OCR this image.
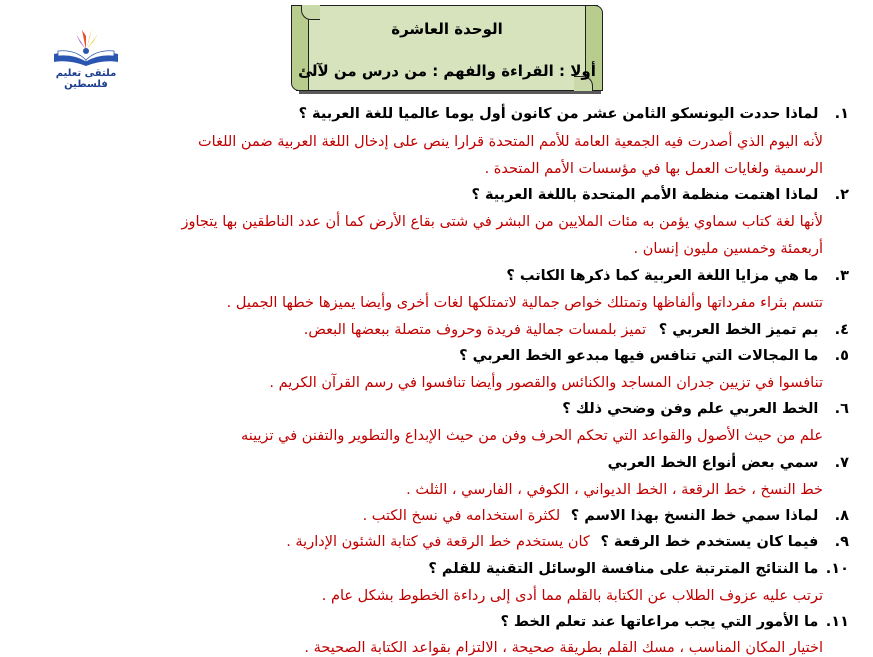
ملتقى تعليم فلسطين
الوحدة العاشرة
أولا : القراءة والفهم : من درس من لآلئ
١. لماذا حددت اليونسكو الثامن عشر من كانون أول يوما عالميا للغة العربية ؟
لأنه اليوم الذي أصدرت فيه الجمعية العامة للأمم المتحدة قرارا ينص على إدخال اللغة العربية ضمن اللغات
الرسمية ولغايات العمل بها في مؤسسات الأمم المتحدة .
٢. لماذا اهتمت منظمة الأمم المتحدة باللغة العربية ؟
لأنها لغة كتاب سماوي يؤمن به مئات الملايين من البشر في شتى بقاع الأرض كما أن عدد الناطقين بها يتجاوز
أربعمئة وخمسين مليون إنسان .
٣. ما هي مزايا اللغة العربية كما ذكرها الكاتب ؟
تتسم بثراء مفرداتها وألفاظها وتمتلك خواص جمالية لاتمتلكها لغات أخرى وأيضا يميزها خطها الجميل .
٤. بم تميز الخط العربي ؟ تميز بلمسات جمالية فريدة وحروف متصلة ببعضها البعض.
٥. ما المجالات التي تنافس فيها مبدعو الخط العربي ؟
تنافسوا في تزيين جدران المساجد والكنائس والقصور وأيضا تنافسوا في رسم القرآن الكريم .
٦. الخط العربي علم وفن وضحي ذلك ؟
علم من حيث الأصول والقواعد التي تحكم الحرف وفن من حيث الإبداع والتطوير والتفنن في تزيينه
٧. سمي بعض أنواع الخط العربي
خط النسخ ، خط الرقعة ، الخط الديواني ، الكوفي ، الفارسي ، الثلث .
٨. لماذا سمي خط النسخ بهذا الاسم ؟ لكثرة استخدامه في نسخ الكتب .
٩. فيما كان يستخدم خط الرقعة ؟ كان يستخدم خط الرقعة في كتابة الشئون الإدارية .
١٠. ما النتائج المترتبة على منافسة الوسائل التقنية للقلم ؟
ترتب عليه عزوف الطلاب عن الكتابة بالقلم مما أدى إلى رداءة الخطوط بشكل عام .
١١. ما الأمور التي يجب مراعاتها عند تعلم الخط ؟
اختيار المكان المناسب ، مسك القلم بطريقة صحيحة ، الالتزام بقواعد الكتابة الصحيحة .
